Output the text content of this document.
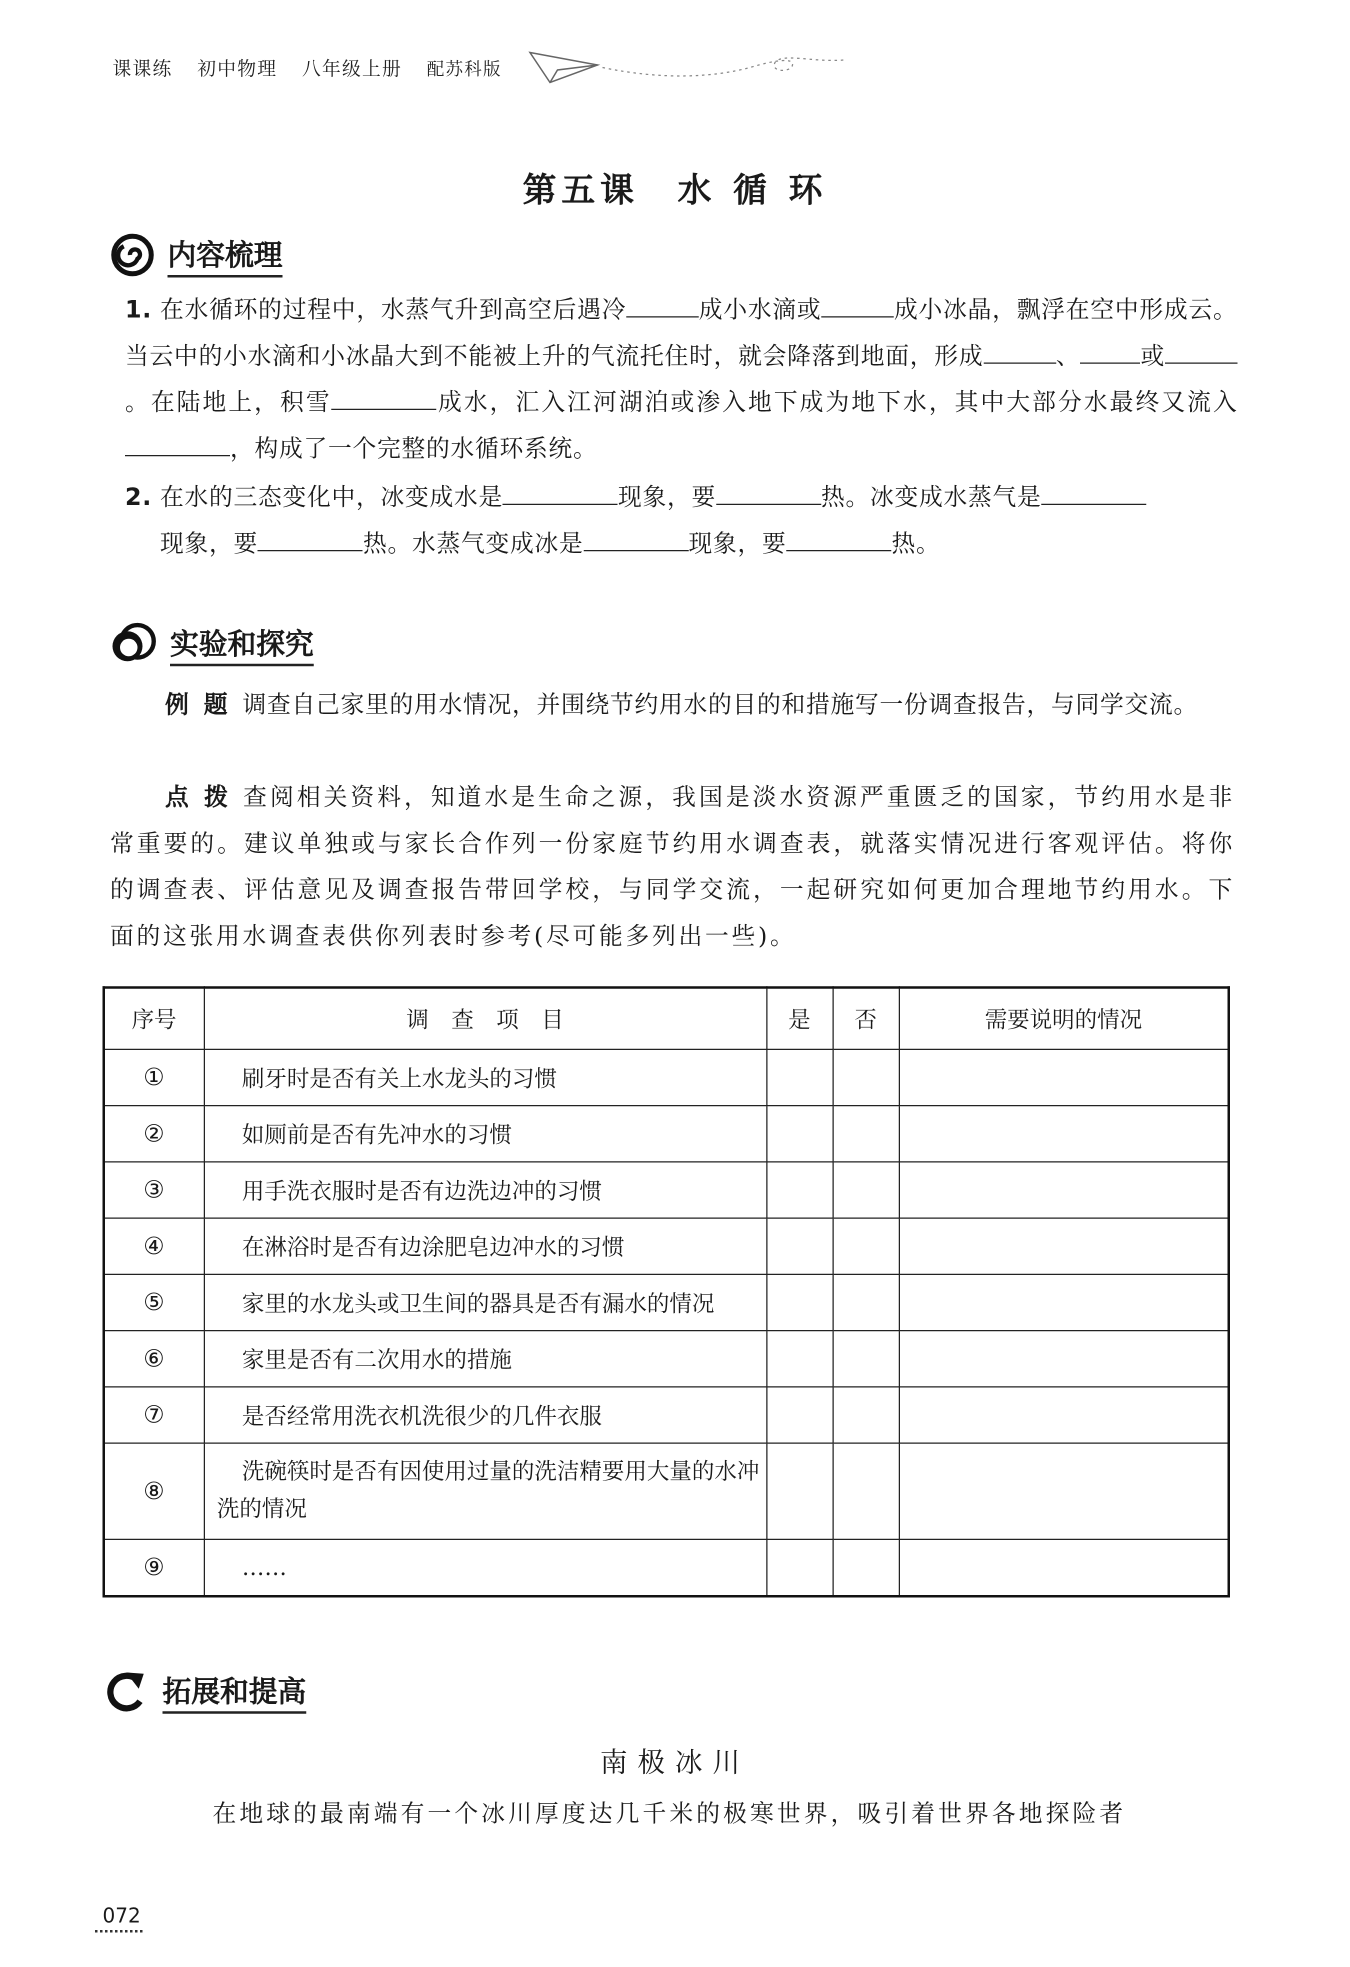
课课练 初中物理 八年级上册 配苏科版
第五课　水 循 环
内容梳理
1. 在水循环的过程中，水蒸气升到高空后遇冷	成小水滴或	成小冰晶，飘浮在空中形成云。当云中的小水滴和小冰晶大到不能被上升的气流托住时，就会降落到地面，形成	、	或。在陆地上，积雪	成水，汇入江河湖泊或渗入地下成为地下水，其中大部分水最终又流入，构成了一个完整的水循环系统。
2. 在水的三态变化中，冰变成水是	现象，要	热。冰变成水蒸气是
现象，要	热。水蒸气变成冰是	现象，要	热。
实验和探究
例题调查自己家里的用水情况，并围绕节约用水的目的和措施写一份调查报告，与同学交流。
点拨查阅相关资料，知道水是生命之源，我国是淡水资源严重匮乏的国家，节约用水是非常重要的。建议单独或与家长合作列一份家庭节约用水调查表，就落实情况进行客观评估。将你的调查表、评估意见及调查报告带回学校，与同学交流，一起研究如何更加合理地节约用水。下面的这张用水调查表供你列表时参考(尽可能多列出一些)。
序号	调　查　项　目	是	否	需要说明的情况
①	刷牙时是否有关上水龙头的习惯			
②	如厕前是否有先冲水的习惯			
③	用手洗衣服时是否有边洗边冲的习惯			
④	在淋浴时是否有边涂肥皂边冲水的习惯			
⑤	家里的水龙头或卫生间的器具是否有漏水的情况			
⑥	家里是否有二次用水的措施			
⑦	是否经常用洗衣机洗很少的几件衣服			
⑧	洗碗筷时是否有因使用过量的洗洁精要用大量的水冲洗的情况			
⑨	……			
拓展和提高
南极冰川
在地球的最南端有一个冰川厚度达几千米的极寒世界，吸引着世界各地探险者
072
